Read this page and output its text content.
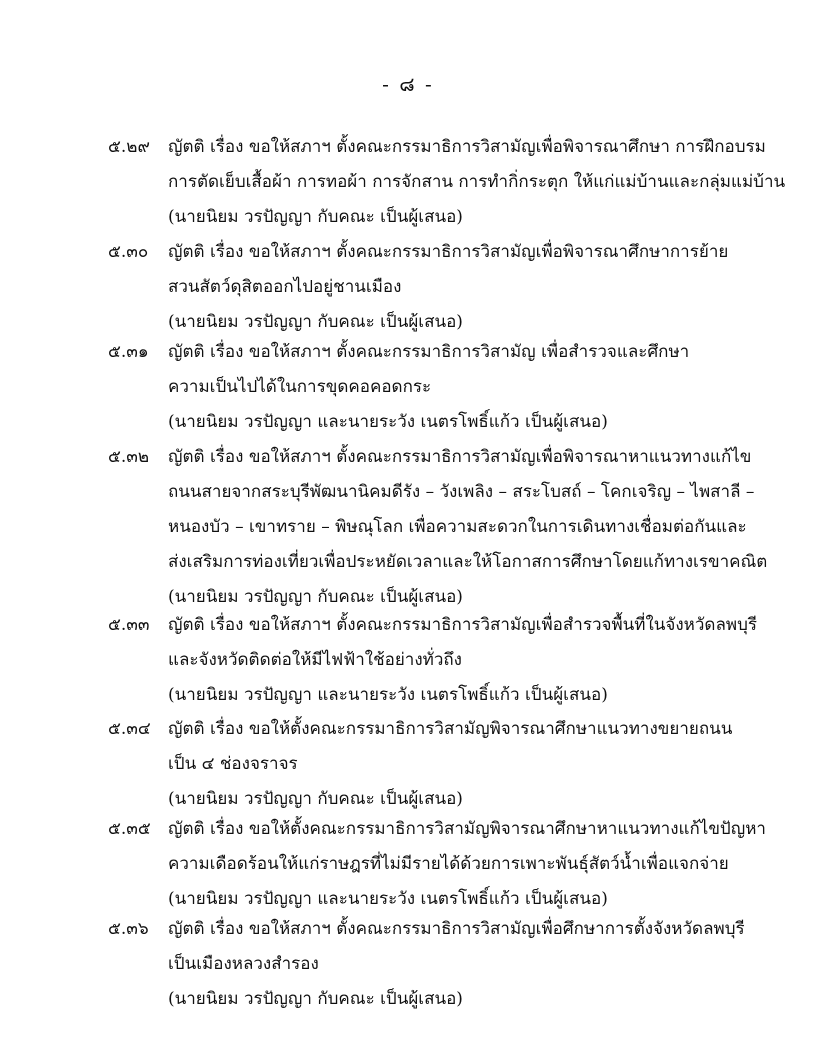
- ๘ -
๕.๒๙ ญัตติ เรื่อง ขอให้สภาฯ ตั้งคณะกรรมาธิการวิสามัญเพื่อพิจารณาศึกษา การฝึกอบรม
การตัดเย็บเสื้อผ้า การทอผ้า การจักสาน การทำกิ่กระตุก ให้แก่แม่บ้านและกลุ่มแม่บ้าน
(นายนิยม วรปัญญา กับคณะ เป็นผู้เสนอ)
๕.๓๐ ญัตติ เรื่อง ขอให้สภาฯ ตั้งคณะกรรมาธิการวิสามัญเพื่อพิจารณาศึกษาการย้าย
สวนสัตว์ดุสิตออกไปอยู่ชานเมือง
(นายนิยม วรปัญญา กับคณะ เป็นผู้เสนอ)
๕.๓๑ ญัตติ เรื่อง ขอให้สภาฯ ตั้งคณะกรรมาธิการวิสามัญ เพื่อสำรวจและศึกษา
ความเป็นไปได้ในการขุดคอคอดกระ
(นายนิยม วรปัญญา และนายระวัง เนตรโพธิ์แก้ว เป็นผู้เสนอ)
๕.๓๒ ญัตติ เรื่อง ขอให้สภาฯ ตั้งคณะกรรมาธิการวิสามัญเพื่อพิจารณาหาแนวทางแก้ไข
ถนนสายจากสระบุรีพัฒนานิคมดีรัง – วังเพลิง – สระโบสถ์ – โคกเจริญ – ไพสาลี –
หนองบัว – เขาทราย – พิษณุโลก เพื่อความสะดวกในการเดินทางเชื่อมต่อกันและ
ส่งเสริมการท่องเที่ยวเพื่อประหยัดเวลาและให้โอกาสการศึกษาโดยแก้ทางเรขาคณิต
(นายนิยม วรปัญญา กับคณะ เป็นผู้เสนอ)
๕.๓๓ ญัตติ เรื่อง ขอให้สภาฯ ตั้งคณะกรรมาธิการวิสามัญเพื่อสำรวจพื้นที่ในจังหวัดลพบุรี
และจังหวัดติดต่อให้มีไฟฟ้าใช้อย่างทั่วถึง
(นายนิยม วรปัญญา และนายระวัง เนตรโพธิ์แก้ว เป็นผู้เสนอ)
๕.๓๔ ญัตติ เรื่อง ขอให้ตั้งคณะกรรมาธิการวิสามัญพิจารณาศึกษาแนวทางขยายถนน
เป็น ๔ ช่องจราจร
(นายนิยม วรปัญญา กับคณะ เป็นผู้เสนอ)
๕.๓๕ ญัตติ เรื่อง ขอให้ตั้งคณะกรรมาธิการวิสามัญพิจารณาศึกษาหาแนวทางแก้ไขปัญหา
ความเดือดร้อนให้แก่ราษฎรที่ไม่มีรายได้ด้วยการเพาะพันธุ์สัตว์น้ำเพื่อแจกจ่าย
(นายนิยม วรปัญญา และนายระวัง เนตรโพธิ์แก้ว เป็นผู้เสนอ)
๕.๓๖ ญัตติ เรื่อง ขอให้สภาฯ ตั้งคณะกรรมาธิการวิสามัญเพื่อศึกษาการตั้งจังหวัดลพบุรี
เป็นเมืองหลวงสำรอง
(นายนิยม วรปัญญา กับคณะ เป็นผู้เสนอ)
